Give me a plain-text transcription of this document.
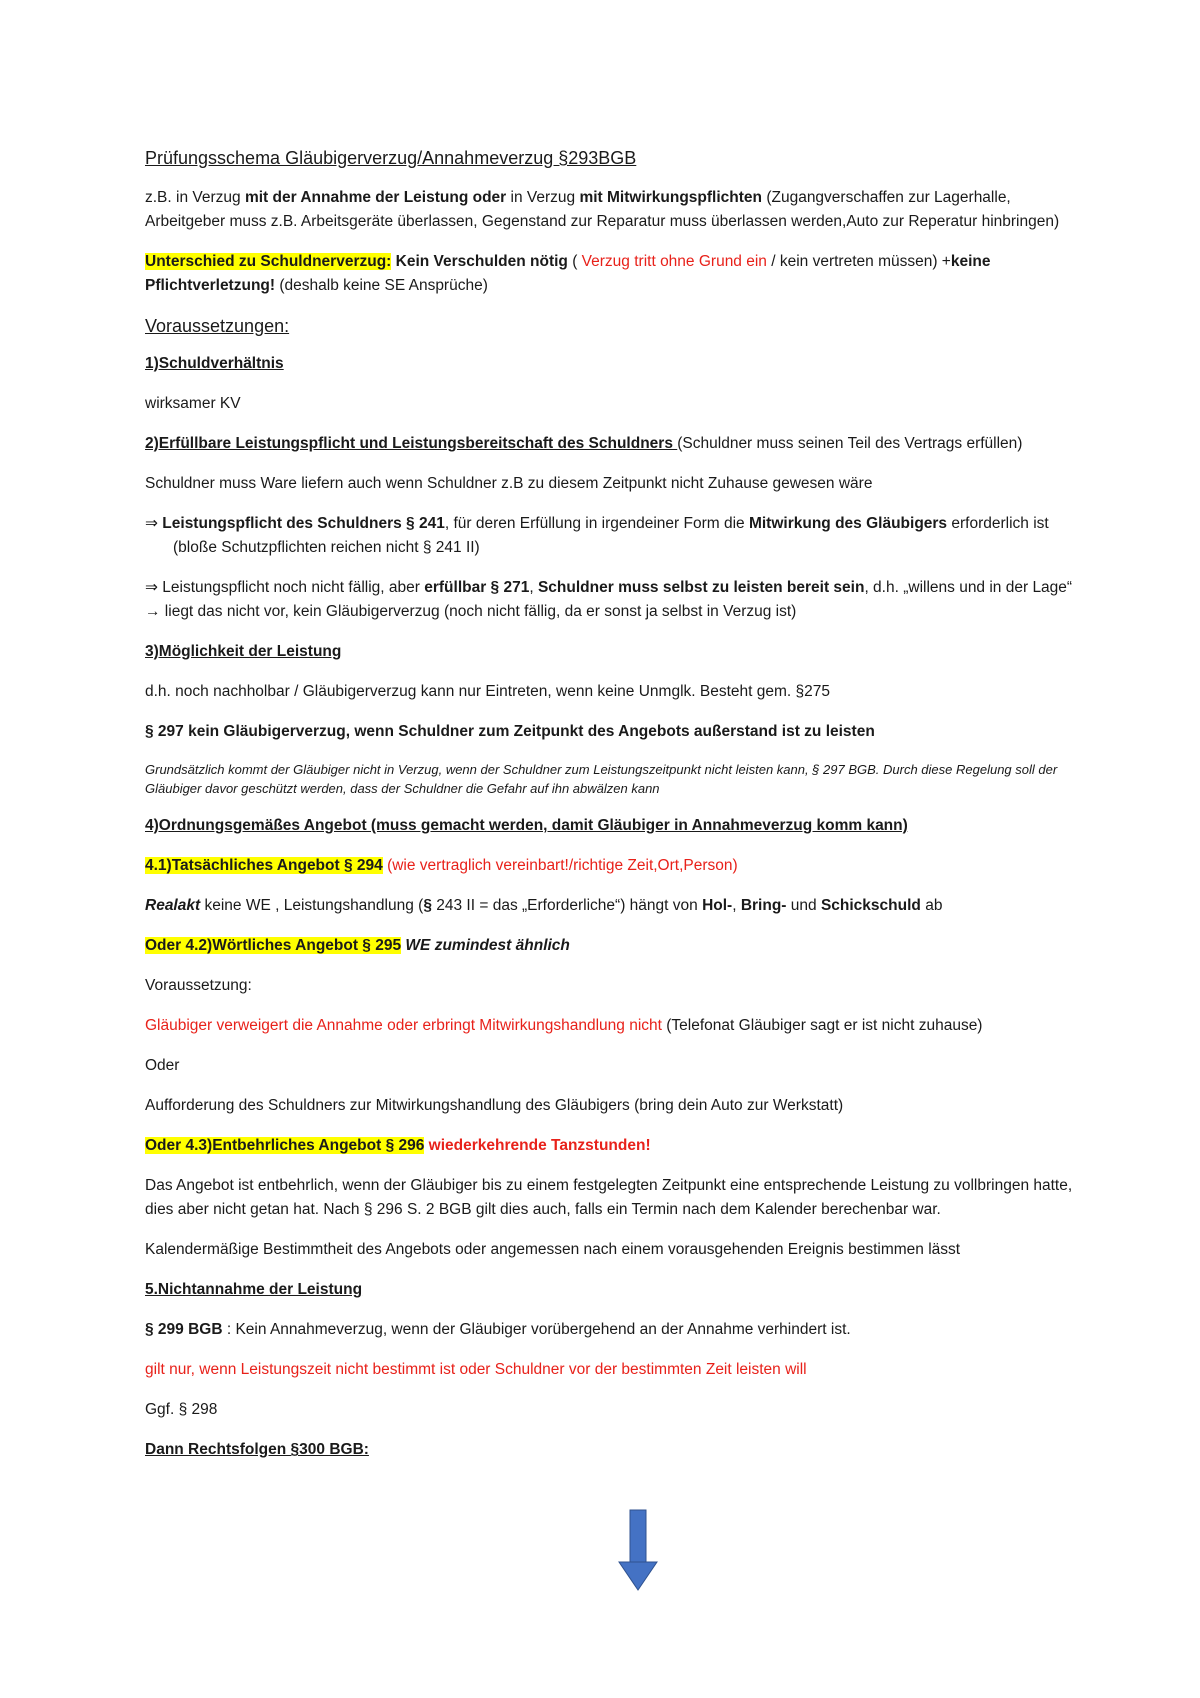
Prüfungsschema Gläubigerverzug/Annahmeverzug §293BGB

z.B. in Verzug mit der Annahme der Leistung oder in Verzug mit Mitwirkungspflichten (Zugangverschaffen zur Lagerhalle, Arbeitgeber muss z.B. Arbeitsgeräte überlassen, Gegenstand zur Reparatur muss überlassen werden,Auto zur Reperatur hinbringen)

Unterschied zu Schuldnerverzug: Kein Verschulden nötig ( Verzug tritt ohne Grund ein / kein vertreten müssen) +keine Pflichtverletzung! (deshalb keine SE Ansprüche)

Voraussetzungen:

1)Schuldverhältnis

wirksamer KV

2)Erfüllbare Leistungspflicht und Leistungsbereitschaft des Schuldners (Schuldner muss seinen Teil des Vertrags erfüllen)

Schuldner muss Ware liefern auch wenn Schuldner z.B zu diesem Zeitpunkt nicht Zuhause gewesen wäre

⇒ Leistungspflicht des Schuldners § 241, für deren Erfüllung in irgendeiner Form die Mitwirkung des Gläubigers erforderlich ist(bloße Schutzpflichten reichen nicht § 241 II)

⇒ Leistungspflicht noch nicht fällig, aber erfüllbar § 271, Schuldner muss selbst zu leisten bereit sein, d.h. „willens und in der Lage“ → liegt das nicht vor, kein Gläubigerverzug (noch nicht fällig, da er sonst ja selbst in Verzug ist)

3)Möglichkeit der Leistung

d.h. noch nachholbar / Gläubigerverzug kann nur Eintreten, wenn keine Unmglk. Besteht gem. §275

§ 297 kein Gläubigerverzug, wenn Schuldner zum Zeitpunkt des Angebots außerstand ist zu leisten

Grundsätzlich kommt der Gläubiger nicht in Verzug, wenn der Schuldner zum Leistungszeitpunkt nicht leisten kann, § 297 BGB. Durch diese Regelung soll der Gläubiger davor geschützt werden, dass der Schuldner die Gefahr auf ihn abwälzen kann

4)Ordnungsgemäßes Angebot (muss gemacht werden, damit Gläubiger in Annahmeverzug komm kann)

4.1)Tatsächliches Angebot § 294 (wie vertraglich vereinbart!/richtige Zeit,Ort,Person)

Realakt keine WE , Leistungshandlung (§ 243 II = das „Erforderliche“) hängt von Hol-, Bring- und Schickschuld ab

Oder 4.2)Wörtliches Angebot § 295 WE zumindest ähnlich

Voraussetzung:

Gläubiger verweigert die Annahme oder erbringt Mitwirkungshandlung nicht (Telefonat Gläubiger sagt er ist nicht zuhause)

Oder

Aufforderung des Schuldners zur Mitwirkungshandlung des Gläubigers (bring dein Auto zur Werkstatt)

Oder 4.3)Entbehrliches Angebot § 296 wiederkehrende Tanzstunden!

Das Angebot ist entbehrlich, wenn der Gläubiger bis zu einem festgelegten Zeitpunkt eine entsprechende Leistung zu vollbringen hatte, dies aber nicht getan hat. Nach § 296 S. 2 BGB gilt dies auch, falls ein Termin nach dem Kalender berechenbar war.

Kalendermäßige Bestimmtheit des Angebots oder angemessen nach einem vorausgehenden Ereignis bestimmen lässt

5.Nichtannahme der Leistung

§ 299 BGB : Kein Annahmeverzug, wenn der Gläubiger vorübergehend an der Annahme verhindert ist.

gilt nur, wenn Leistungszeit nicht bestimmt ist oder Schuldner vor der bestimmten Zeit leisten will

Ggf. § 298

Dann Rechtsfolgen §300 BGB:
